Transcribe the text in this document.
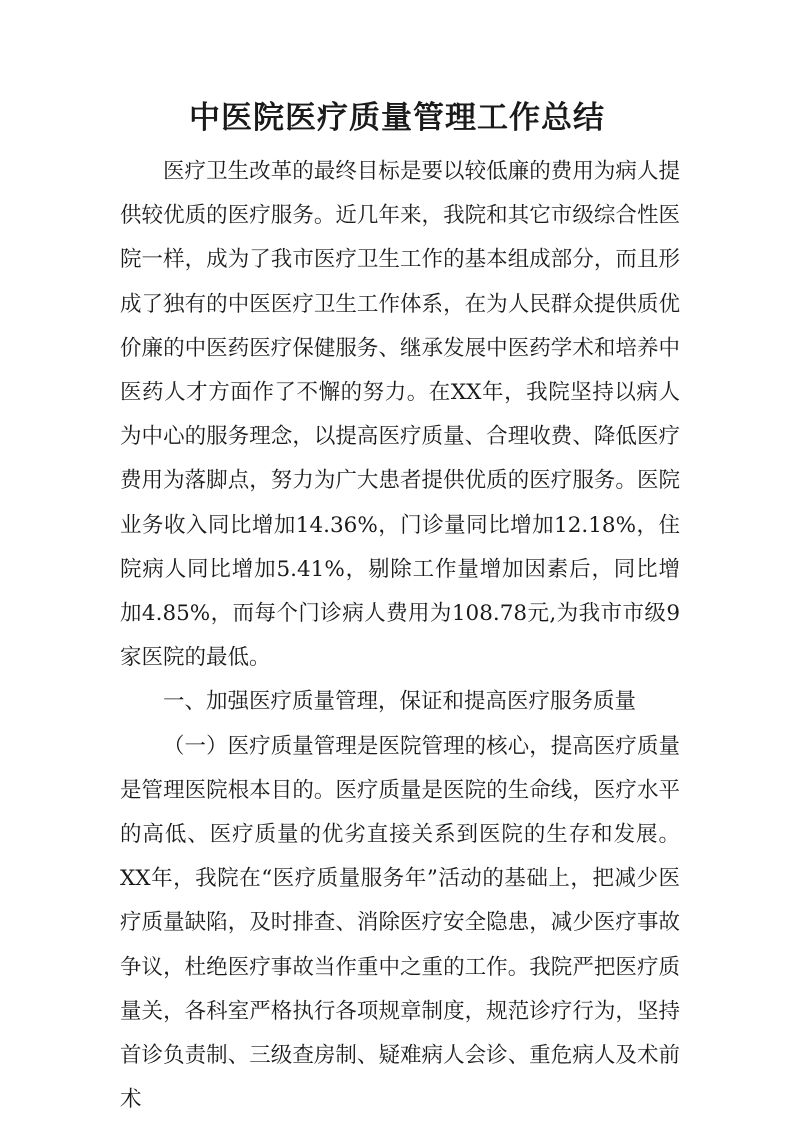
中医院医疗质量管理工作总结

医疗卫生改革的最终目标是要以较低廉的费用为病人提供较优质的医疗服务。近几年来，我院和其它市级综合性医院一样，成为了我市医疗卫生工作的基本组成部分，而且形成了独有的中医医疗卫生工作体系，在为人民群众提供质优价廉的中医药医疗保健服务、继承发展中医药学术和培养中医药人才方面作了不懈的努力。在XX年，我院坚持以病人为中心的服务理念，以提高医疗质量、合理收费、降低医疗费用为落脚点，努力为广大患者提供优质的医疗服务。医院业务收入同比增加14.36%，门诊量同比增加12.18%，住院病人同比增加5.41%，剔除工作量增加因素后，同比增加4.85%，而每个门诊病人费用为108.78元,为我市市级9家医院的最低。

一、加强医疗质量管理，保证和提高医疗服务质量

（一）医疗质量管理是医院管理的核心，提高医疗质量是管理医院根本目的。医疗质量是医院的生命线，医疗水平的高低、医疗质量的优劣直接关系到医院的生存和发展。XX年，我院在“医疗质量服务年”活动的基础上，把减少医疗质量缺陷，及时排查、消除医疗安全隐患，减少医疗事故争议，杜绝医疗事故当作重中之重的工作。我院严把医疗质量关，各科室严格执行各项规章制度，规范诊疗行为，坚持首诊负责制、三级查房制、疑难病人会诊、重危病人及术前术
